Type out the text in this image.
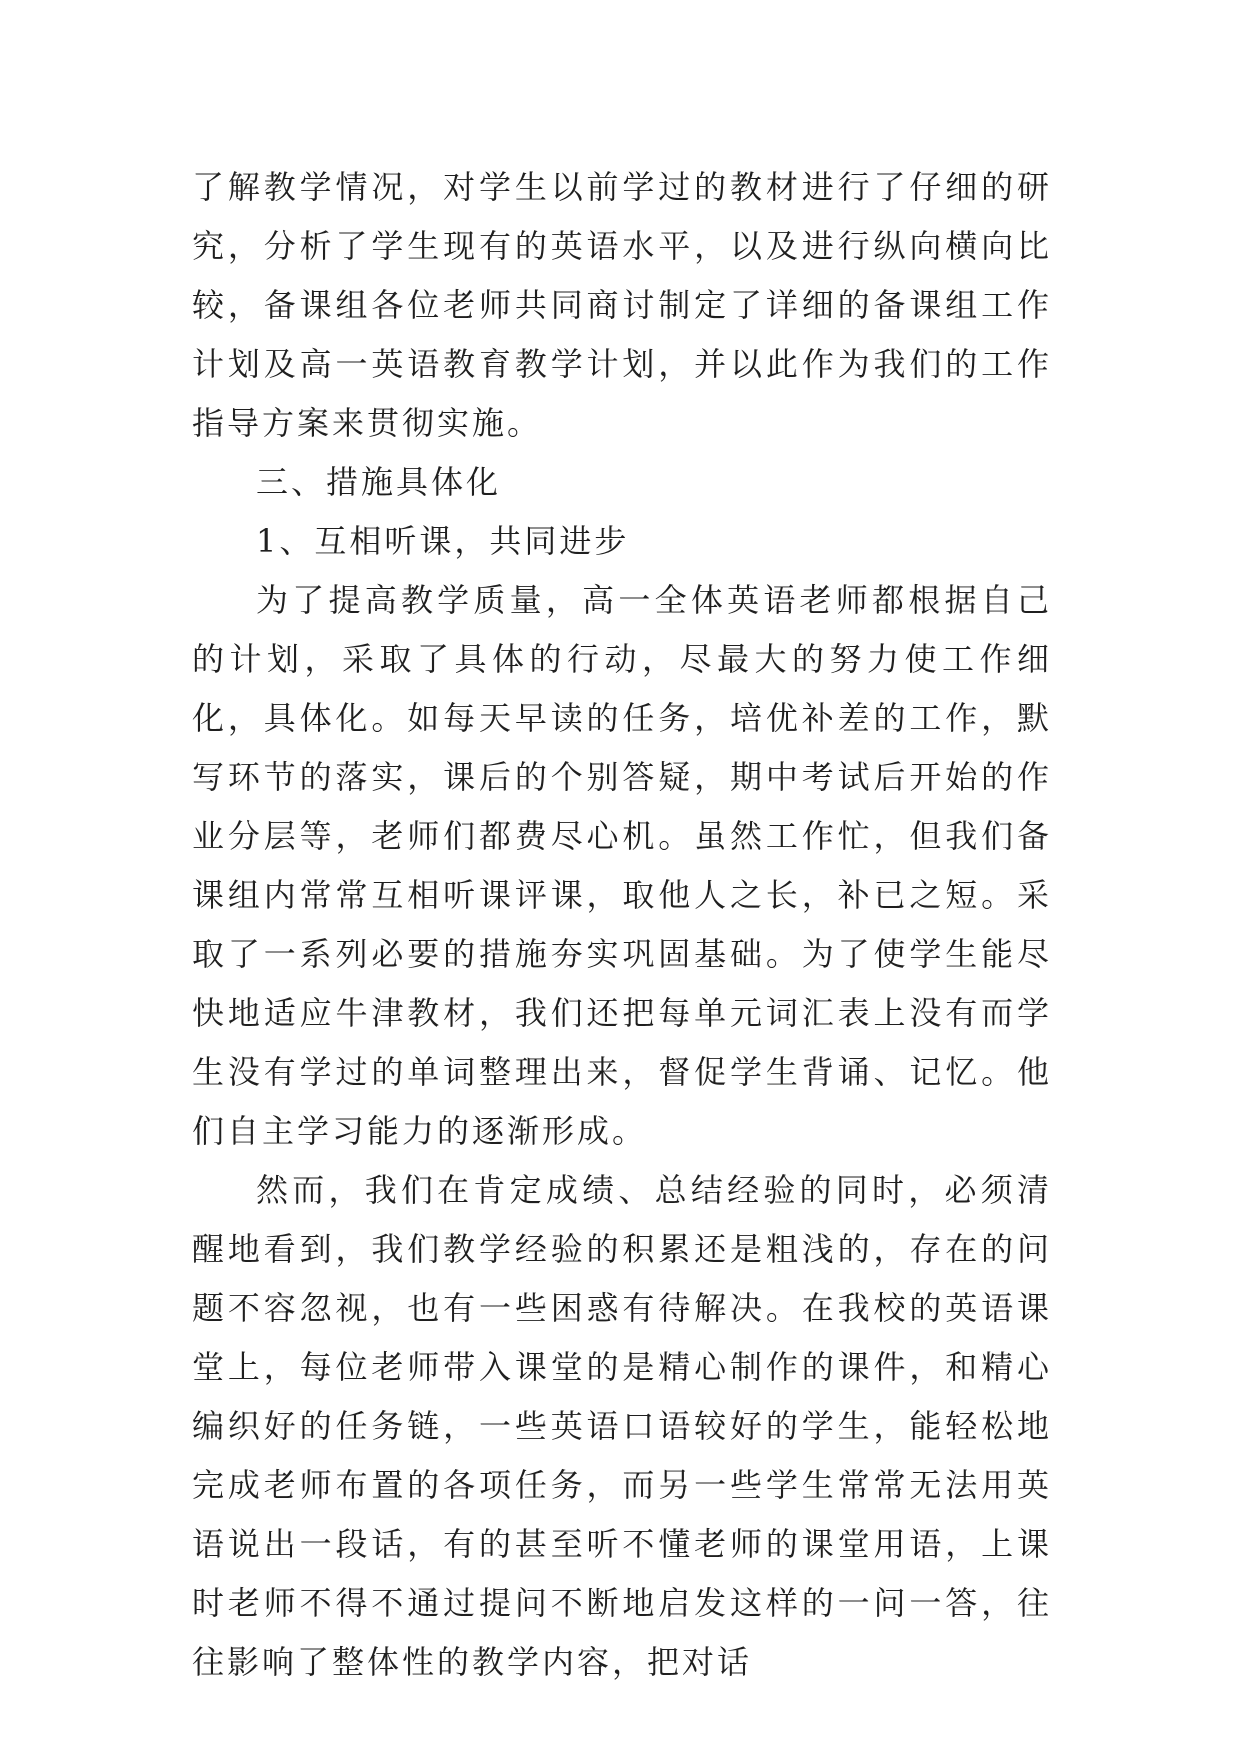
了解教学情况，对学生以前学过的教材进行了仔细的研究，分析了学生现有的英语水平，以及进行纵向横向比较，备课组各位老师共同商讨制定了详细的备课组工作计划及高一英语教育教学计划，并以此作为我们的工作指导方案来贯彻实施。

三、措施具体化

1、互相听课，共同进步

为了提高教学质量，高一全体英语老师都根据自己的计划，采取了具体的行动，尽最大的努力使工作细化，具体化。如每天早读的任务，培优补差的工作，默写环节的落实，课后的个别答疑，期中考试后开始的作业分层等，老师们都费尽心机。虽然工作忙，但我们备课组内常常互相听课评课，取他人之长，补已之短。采取了一系列必要的措施夯实巩固基础。为了使学生能尽快地适应牛津教材，我们还把每单元词汇表上没有而学生没有学过的单词整理出来，督促学生背诵、记忆。他们自主学习能力的逐渐形成。

然而，我们在肯定成绩、总结经验的同时，必须清醒地看到，我们教学经验的积累还是粗浅的，存在的问题不容忽视，也有一些困惑有待解决。在我校的英语课堂上，每位老师带入课堂的是精心制作的课件，和精心编织好的任务链，一些英语口语较好的学生，能轻松地完成老师布置的各项任务，而另一些学生常常无法用英语说出一段话，有的甚至听不懂老师的课堂用语，上课时老师不得不通过提问不断地启发这样的一问一答，往往影响了整体性的教学内容，把对话
